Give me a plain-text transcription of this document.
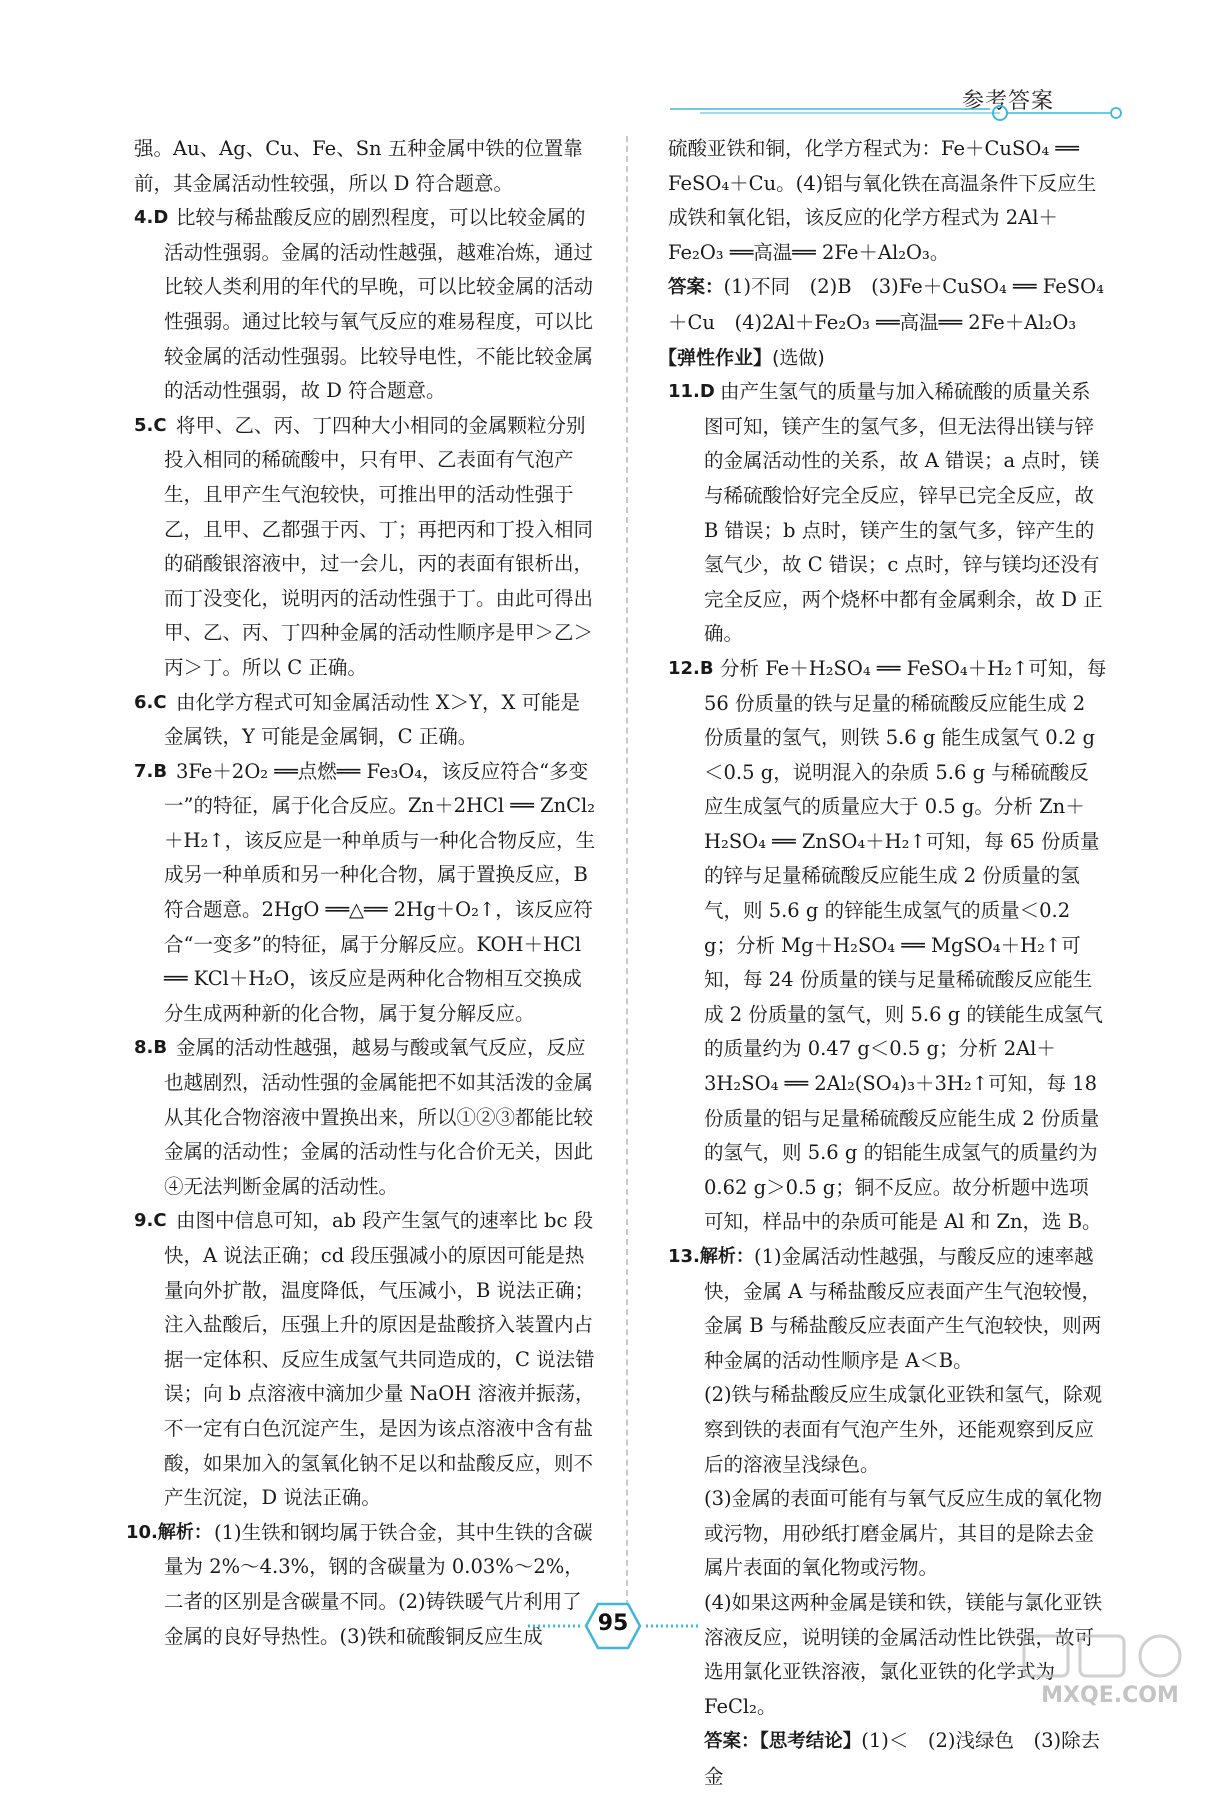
参考答案

强。Au、Ag、Cu、Fe、Sn 五种金属中铁的位置靠前，其金属活动性较强，所以 D 符合题意。

4.D 比较与稀盐酸反应的剧烈程度，可以比较金属的活动性强弱。金属的活动性越强，越难冶炼，通过比较人类利用的年代的早晚，可以比较金属的活动性强弱。通过比较与氧气反应的难易程度，可以比较金属的活动性强弱。比较导电性，不能比较金属的活动性强弱，故 D 符合题意。

5.C 将甲、乙、丙、丁四种大小相同的金属颗粒分别投入相同的稀硫酸中，只有甲、乙表面有气泡产生，且甲产生气泡较快，可推出甲的活动性强于乙，且甲、乙都强于丙、丁；再把丙和丁投入相同的硝酸银溶液中，过一会儿，丙的表面有银析出，而丁没变化，说明丙的活动性强于丁。由此可得出甲、乙、丙、丁四种金属的活动性顺序是甲＞乙＞丙＞丁。所以 C 正确。

6.C 由化学方程式可知金属活动性 X＞Y，X 可能是金属铁，Y 可能是金属铜，C 正确。

7.B 3Fe＋2O₂ ══点燃══ Fe₃O₄，该反应符合“多变一”的特征，属于化合反应。Zn＋2HCl ══ ZnCl₂＋H₂↑，该反应是一种单质与一种化合物反应，生成另一种单质和另一种化合物，属于置换反应，B 符合题意。2HgO ══△══ 2Hg＋O₂↑，该反应符合“一变多”的特征，属于分解反应。KOH＋HCl ══ KCl＋H₂O，该反应是两种化合物相互交换成分生成两种新的化合物，属于复分解反应。

8.B 金属的活动性越强，越易与酸或氧气反应，反应也越剧烈，活动性强的金属能把不如其活泼的金属从其化合物溶液中置换出来，所以①②③都能比较金属的活动性；金属的活动性与化合价无关，因此④无法判断金属的活动性。

9.C 由图中信息可知，ab 段产生氢气的速率比 bc 段快，A 说法正确；cd 段压强减小的原因可能是热量向外扩散，温度降低，气压减小，B 说法正确；注入盐酸后，压强上升的原因是盐酸挤入装置内占据一定体积、反应生成氢气共同造成的，C 说法错误；向 b 点溶液中滴加少量 NaOH 溶液并振荡，不一定有白色沉淀产生，是因为该点溶液中含有盐酸，如果加入的氢氧化钠不足以和盐酸反应，则不产生沉淀，D 说法正确。

10.解析： (1)生铁和钢均属于铁合金，其中生铁的含碳量为 2%～4.3%，钢的含碳量为 0.03%～2%，二者的区别是含碳量不同。(2)铸铁暖气片利用了金属的良好导热性。(3)铁和硫酸铜反应生成

硫酸亚铁和铜，化学方程式为：Fe＋CuSO₄ ══ FeSO₄＋Cu。(4)铝与氧化铁在高温条件下反应生成铁和氧化铝，该反应的化学方程式为 2Al＋Fe₂O₃ ══高温══ 2Fe＋Al₂O₃。

答案：(1)不同　(2)B　(3)Fe＋CuSO₄ ══ FeSO₄＋Cu　(4)2Al＋Fe₂O₃ ══高温══ 2Fe＋Al₂O₃

【弹性作业】(选做)
11.D 由产生氢气的质量与加入稀硫酸的质量关系图可知，镁产生的氢气多，但无法得出镁与锌的金属活动性的关系，故 A 错误；a 点时，镁与稀硫酸恰好完全反应，锌早已完全反应，故 B 错误；b 点时，镁产生的氢气多，锌产生的氢气少，故 C 错误；c 点时，锌与镁均还没有完全反应，两个烧杯中都有金属剩余，故 D 正确。

12.B 分析 Fe＋H₂SO₄ ══ FeSO₄＋H₂↑可知，每 56 份质量的铁与足量的稀硫酸反应能生成 2 份质量的氢气，则铁 5.6 g 能生成氢气 0.2 g＜0.5 g，说明混入的杂质 5.6 g 与稀硫酸反应生成氢气的质量应大于 0.5 g。分析 Zn＋H₂SO₄ ══ ZnSO₄＋H₂↑可知，每 65 份质量的锌与足量稀硫酸反应能生成 2 份质量的氢气，则 5.6 g 的锌能生成氢气的质量＜0.2 g；分析 Mg＋H₂SO₄ ══ MgSO₄＋H₂↑可知，每 24 份质量的镁与足量稀硫酸反应能生成 2 份质量的氢气，则 5.6 g 的镁能生成氢气的质量约为 0.47 g＜0.5 g；分析 2Al＋3H₂SO₄ ══ 2Al₂(SO₄)₃＋3H₂↑可知，每 18 份质量的铝与足量稀硫酸反应能生成 2 份质量的氢气，则 5.6 g 的铝能生成氢气的质量约为 0.62 g＞0.5 g；铜不反应。故分析题中选项可知，样品中的杂质可能是 Al 和 Zn，选 B。

13.解析： (1)金属活动性越强，与酸反应的速率越快，金属 A 与稀盐酸反应表面产生气泡较慢，金属 B 与稀盐酸反应表面产生气泡较快，则两种金属的活动性顺序是 A＜B。

(2)铁与稀盐酸反应生成氯化亚铁和氢气，除观察到铁的表面有气泡产生外，还能观察到反应后的溶液呈浅绿色。

(3)金属的表面可能有与氧气反应生成的氧化物或污物，用砂纸打磨金属片，其目的是除去金属片表面的氧化物或污物。

(4)如果这两种金属是镁和铁，镁能与氯化亚铁溶液反应，说明镁的金属活动性比铁强，故可选用氯化亚铁溶液，氯化亚铁的化学式为 FeCl₂。

答案：【思考结论】(1)＜　(2)浅绿色　(3)除去金

95
MXQE.COM
